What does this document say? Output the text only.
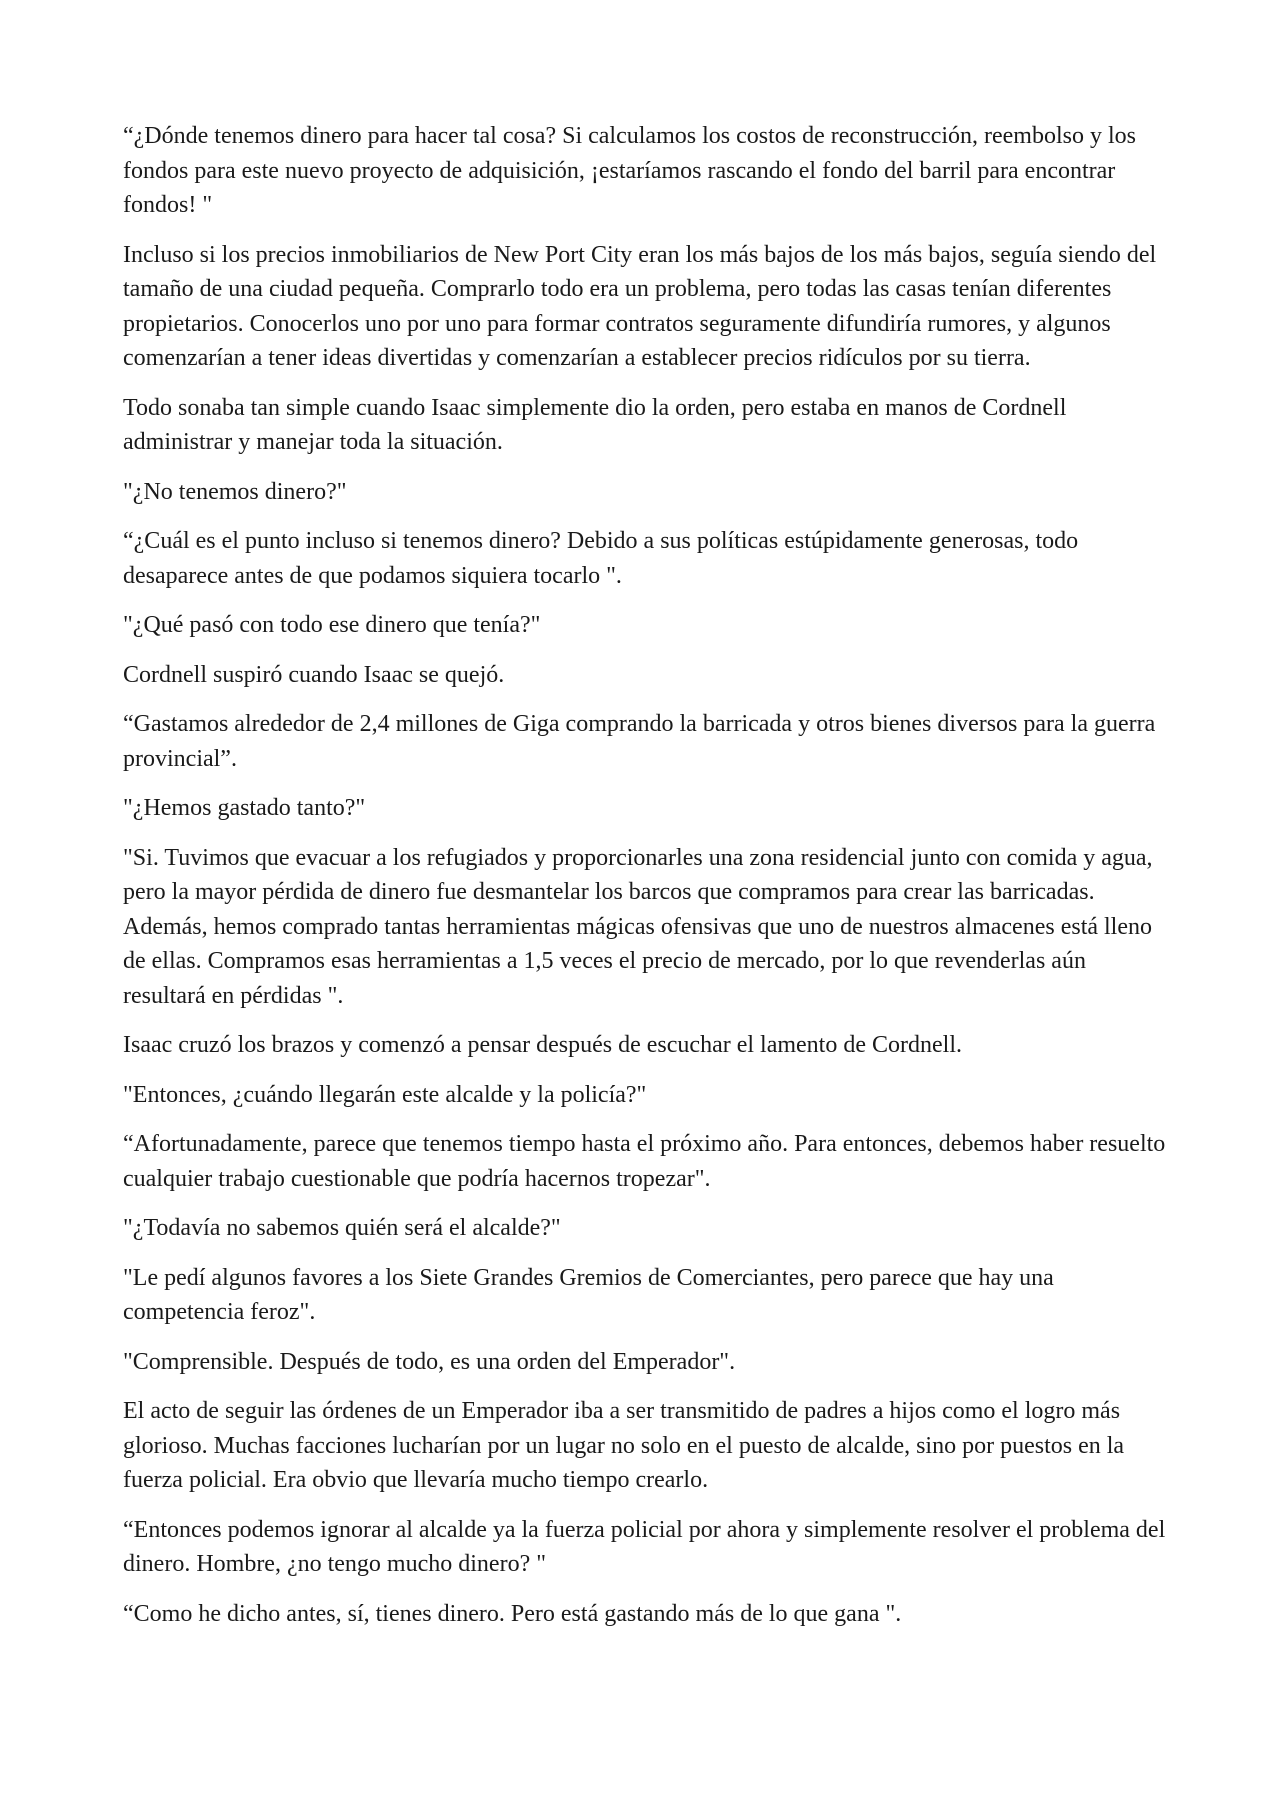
“¿Dónde tenemos dinero para hacer tal cosa? Si calculamos los costos de reconstrucción, reembolso y los fondos para este nuevo proyecto de adquisición, ¡estaríamos rascando el fondo del barril para encontrar fondos! "

Incluso si los precios inmobiliarios de New Port City eran los más bajos de los más bajos, seguía siendo del tamaño de una ciudad pequeña. Comprarlo todo era un problema, pero todas las casas tenían diferentes propietarios. Conocerlos uno por uno para formar contratos seguramente difundiría rumores, y algunos comenzarían a tener ideas divertidas y comenzarían a establecer precios ridículos por su tierra.

Todo sonaba tan simple cuando Isaac simplemente dio la orden, pero estaba en manos de Cordnell administrar y manejar toda la situación.

"¿No tenemos dinero?"

“¿Cuál es el punto incluso si tenemos dinero? Debido a sus políticas estúpidamente generosas, todo desaparece antes de que podamos siquiera tocarlo ".

"¿Qué pasó con todo ese dinero que tenía?"

Cordnell suspiró cuando Isaac se quejó.

“Gastamos alrededor de 2,4 millones de Giga comprando la barricada y otros bienes diversos para la guerra provincial”.

"¿Hemos gastado tanto?"

"Si. Tuvimos que evacuar a los refugiados y proporcionarles una zona residencial junto con comida y agua, pero la mayor pérdida de dinero fue desmantelar los barcos que compramos para crear las barricadas. Además, hemos comprado tantas herramientas mágicas ofensivas que uno de nuestros almacenes está lleno de ellas. Compramos esas herramientas a 1,5 veces el precio de mercado, por lo que revenderlas aún resultará en pérdidas ".

Isaac cruzó los brazos y comenzó a pensar después de escuchar el lamento de Cordnell.

"Entonces, ¿cuándo llegarán este alcalde y la policía?"

“Afortunadamente, parece que tenemos tiempo hasta el próximo año. Para entonces, debemos haber resuelto cualquier trabajo cuestionable que podría hacernos tropezar".

"¿Todavía no sabemos quién será el alcalde?"

"Le pedí algunos favores a los Siete Grandes Gremios de Comerciantes, pero parece que hay una competencia feroz".

"Comprensible. Después de todo, es una orden del Emperador".

El acto de seguir las órdenes de un Emperador iba a ser transmitido de padres a hijos como el logro más glorioso. Muchas facciones lucharían por un lugar no solo en el puesto de alcalde, sino por puestos en la fuerza policial. Era obvio que llevaría mucho tiempo crearlo.

“Entonces podemos ignorar al alcalde ya la fuerza policial por ahora y simplemente resolver el problema del dinero. Hombre, ¿no tengo mucho dinero? "

“Como he dicho antes, sí, tienes dinero. Pero está gastando más de lo que gana ".
